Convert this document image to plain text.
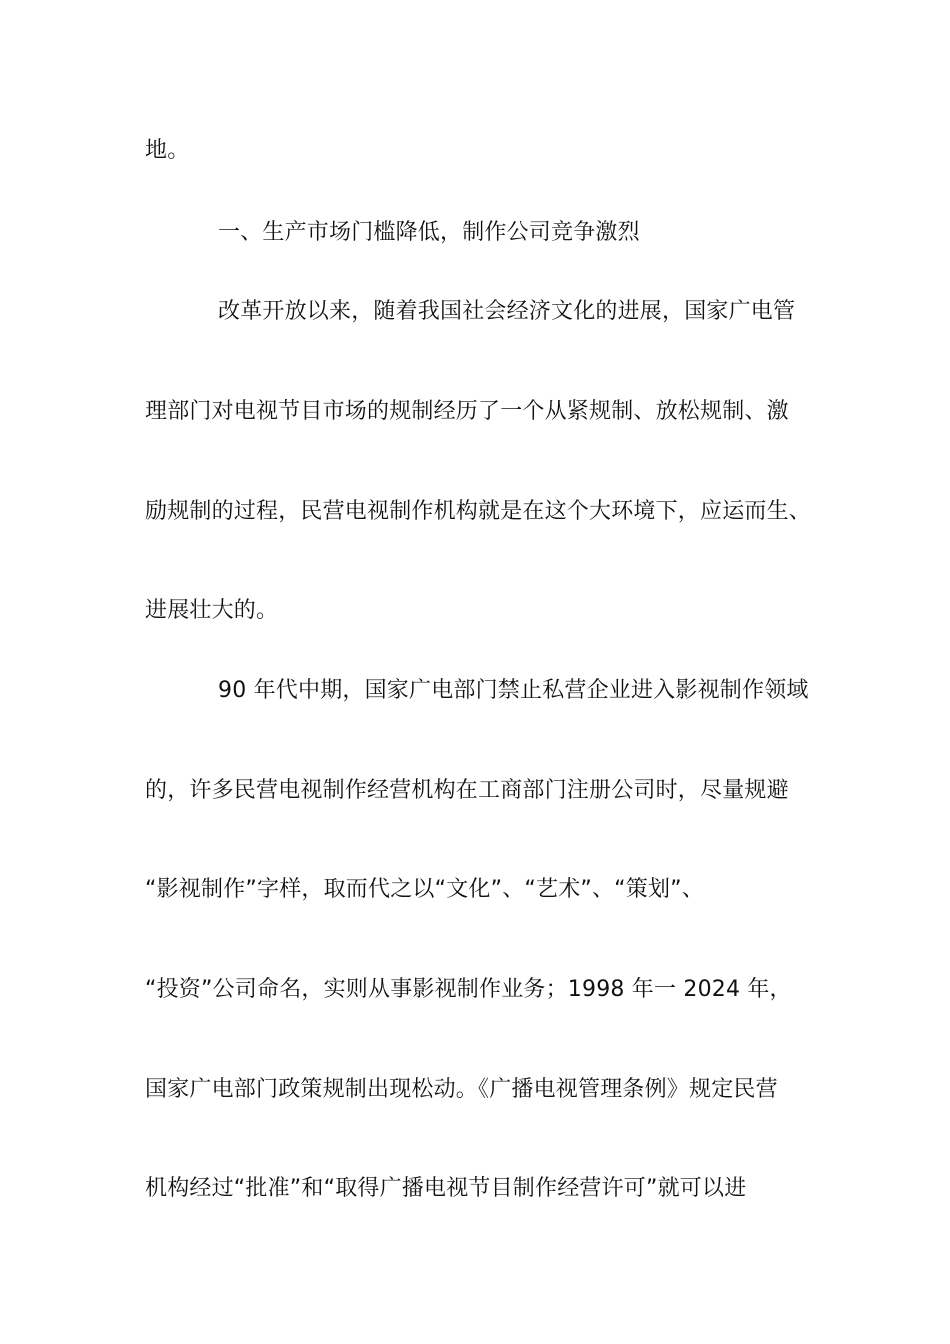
地。
一、生产市场门槛降低，制作公司竞争激烈
改革开放以来，随着我国社会经济文化的进展，国家广电管
理部门对电视节目市场的规制经历了一个从紧规制、放松规制、激
励规制的过程，民营电视制作机构就是在这个大环境下，应运而生、
进展壮大的。
90 年代中期，国家广电部门禁止私营企业进入影视制作领域
的，许多民营电视制作经营机构在工商部门注册公司时，尽量规避
“影视制作”字样，取而代之以“文化”、“艺术”、“策划”、
“投资”公司命名，实则从事影视制作业务；1998 年一 2024 年，
国家广电部门政策规制出现松动。《广播电视管理条例》规定民营
机构经过“批准”和“取得广播电视节目制作经营许可”就可以进
